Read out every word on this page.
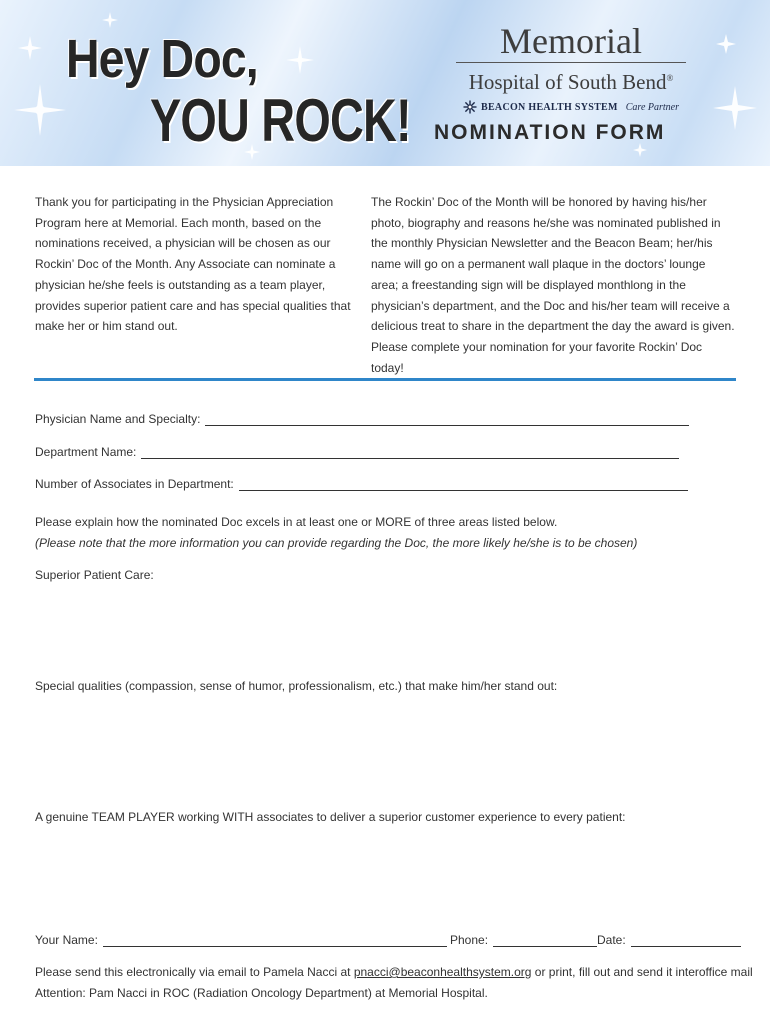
Hey Doc,
YOU ROCK! NOMINATION FORM
Memorial
Hospital of South Bend®
BEACON HEALTH SYSTEM Care Partner

Thank you for participating in the Physician Appreciation Program here at Memorial. Each month, based on the nominations received, a physician will be chosen as our Rockin’ Doc of the Month. Any Associate can nominate a physician he/she feels is outstanding as a team player, provides superior patient care and has special qualities that make her or him stand out.

The Rockin’ Doc of the Month will be honored by having his/her photo, biography and reasons he/she was nominated published in the monthly Physician Newsletter and the Beacon Beam; her/his name will go on a permanent wall plaque in the doctors’ lounge area; a freestanding sign will be displayed monthlong in the physician’s department, and the Doc and his/her team will receive a delicious treat to share in the department the day the award is given. Please complete your nomination for your favorite Rockin’ Doc today!

Physician Name and Specialty:
Department Name:
Number of Associates in Department:
Please explain how the nominated Doc excels in at least one or MORE of three areas listed below.
(Please note that the more information you can provide regarding the Doc, the more likely he/she is to be chosen)
Superior Patient Care:
Special qualities (compassion, sense of humor, professionalism, etc.) that make him/her stand out:
A genuine TEAM PLAYER working WITH associates to deliver a superior customer experience to every patient:
Your Name:	Phone:	Date:
Please send this electronically via email to Pamela Nacci at pnacci@beaconhealthsystem.org or print, fill out and send it interoffice mail
Attention: Pam Nacci in ROC (Radiation Oncology Department) at Memorial Hospital.
